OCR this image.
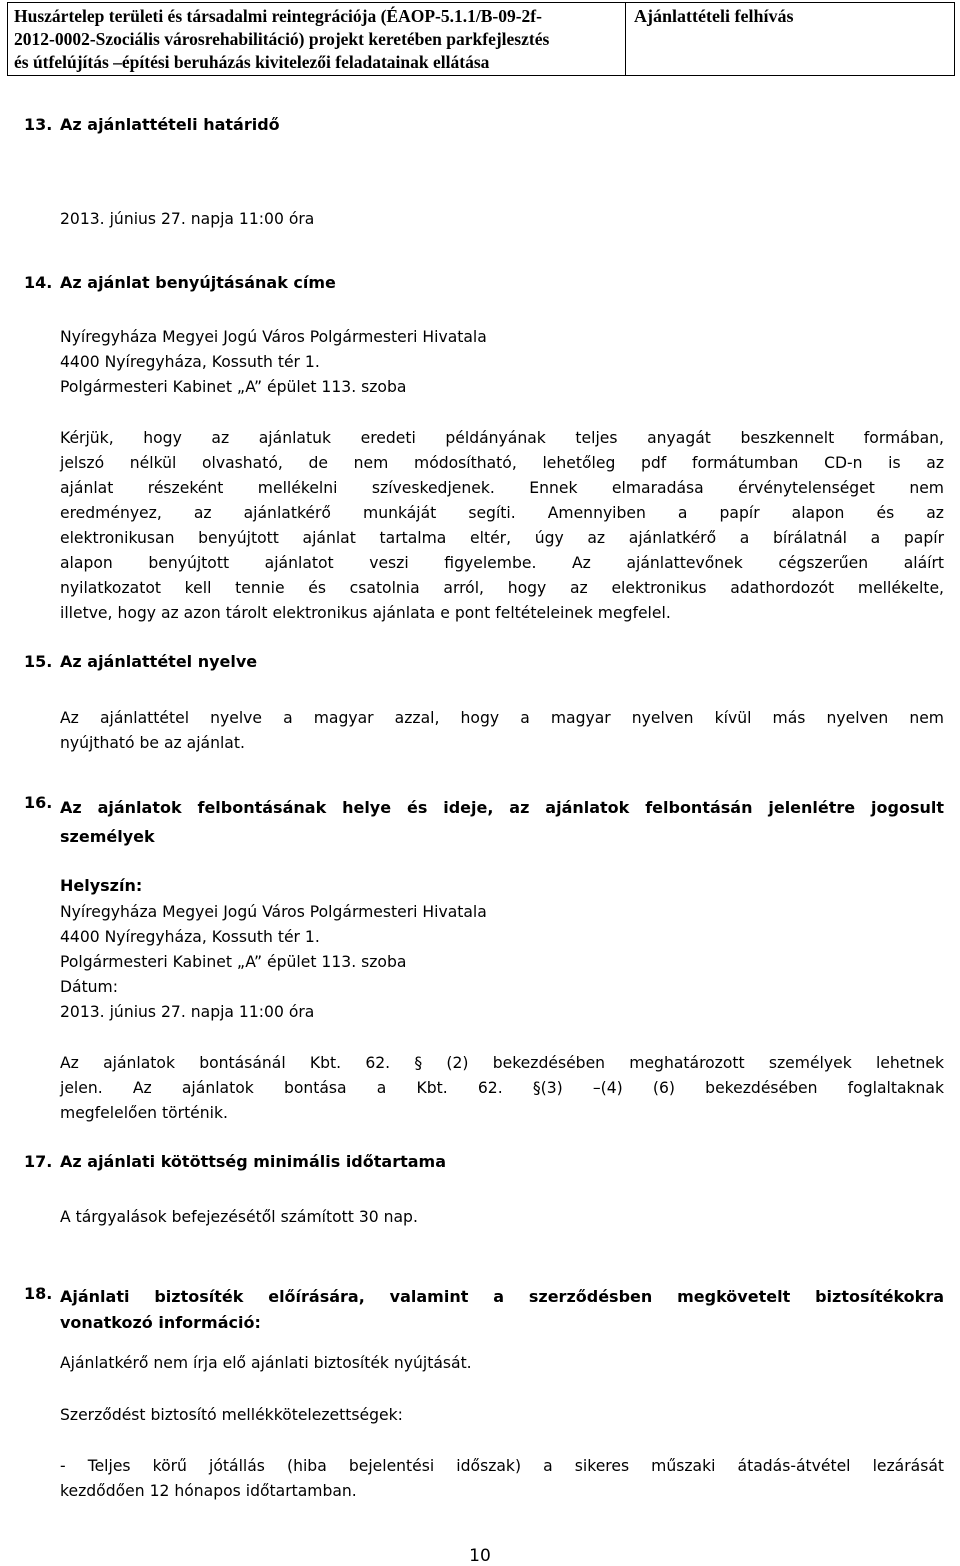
Huszártelep területi és társadalmi reintegrációja (ÉAOP-5.1.1/B-09-2f-
2012-0002-Szociális városrehabilitáció) projekt keretében parkfejlesztés
és útfelújítás –építési beruházás kivitelezői feladatainak ellátása
Ajánlattételi felhívás
13. Az ajánlattételi határidő
2013. június 27. napja 11:00 óra
14. Az ajánlat benyújtásának címe
Nyíregyháza Megyei Jogú Város Polgármesteri Hivatala
4400 Nyíregyháza, Kossuth tér 1.
Polgármesteri Kabinet „A” épület 113. szoba
Kérjük, hogy az ajánlatuk eredeti példányának teljes anyagát beszkennelt formában,
jelszó nélkül olvasható, de nem módosítható, lehetőleg pdf formátumban CD-n is az
ajánlat részeként mellékelni szíveskedjenek. Ennek elmaradása érvénytelenséget nem
eredményez, az ajánlatkérő munkáját segíti. Amennyiben a papír alapon és az
elektronikusan benyújtott ajánlat tartalma eltér, úgy az ajánlatkérő a bírálatnál a papír
alapon benyújtott ajánlatot veszi figyelembe. Az ajánlattevőnek cégszerűen aláírt
nyilatkozatot kell tennie és csatolnia arról, hogy az elektronikus adathordozót mellékelte,
illetve, hogy az azon tárolt elektronikus ajánlata e pont feltételeinek megfelel.
15. Az ajánlattétel nyelve
Az ajánlattétel nyelve a magyar azzal, hogy a magyar nyelven kívül más nyelven nem
nyújtható be az ajánlat.
16. Az ajánlatok felbontásának helye és ideje, az ajánlatok felbontásán jelenlétre jogosult
személyek
Helyszín:
Nyíregyháza Megyei Jogú Város Polgármesteri Hivatala
4400 Nyíregyháza, Kossuth tér 1.
Polgármesteri Kabinet „A” épület 113. szoba
Dátum:
2013. június 27. napja 11:00 óra
Az ajánlatok bontásánál Kbt. 62. § (2) bekezdésében meghatározott személyek lehetnek
jelen. Az ajánlatok bontása a Kbt. 62. §(3) –(4) (6) bekezdésében foglaltaknak
megfelelően történik.
17. Az ajánlati kötöttség minimális időtartama
A tárgyalások befejezésétől számított 30 nap.
18. Ajánlati biztosíték előírására, valamint a szerződésben megkövetelt biztosítékokra
vonatkozó információ:
Ajánlatkérő nem írja elő ajánlati biztosíték nyújtását.
Szerződést biztosító mellékkötelezettségek:
- Teljes körű jótállás (hiba bejelentési időszak) a sikeres műszaki átadás-átvétel lezárását
kezdődően 12 hónapos időtartamban.
10
